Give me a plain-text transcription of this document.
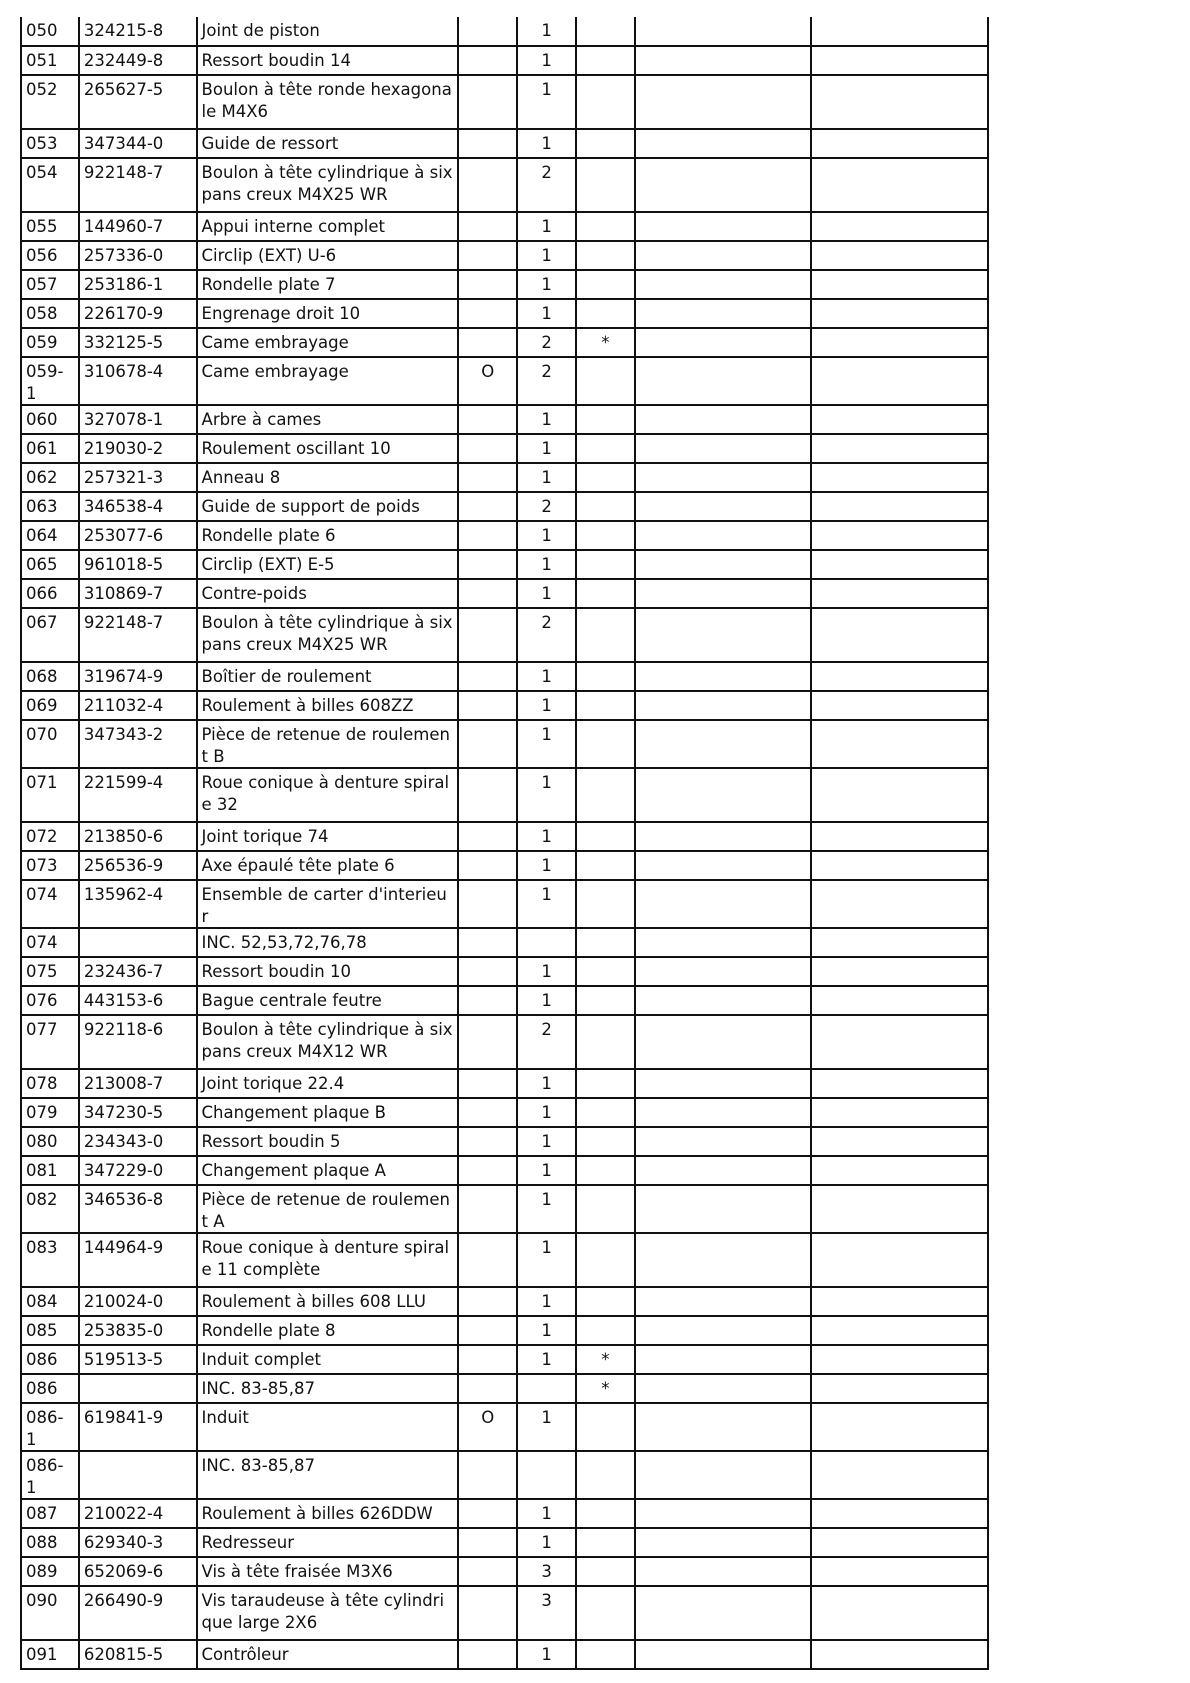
050	324215-8	Joint de piston		1			
051	232449-8	Ressort boudin 14		1			
052	265627-5	Boulon à tête ronde hexagonale M4X6		1			
053	347344-0	Guide de ressort		1			
054	922148-7	Boulon à tête cylindrique à six pans creux M4X25 WR		2			
055	144960-7	Appui interne complet		1			
056	257336-0	Circlip (EXT) U-6		1			
057	253186-1	Rondelle plate 7		1			
058	226170-9	Engrenage droit 10		1			
059	332125-5	Came embrayage		2	*		
059-1	310678-4	Came embrayage	O	2			
060	327078-1	Arbre à cames		1			
061	219030-2	Roulement oscillant 10		1			
062	257321-3	Anneau 8		1			
063	346538-4	Guide de support de poids		2			
064	253077-6	Rondelle plate 6		1			
065	961018-5	Circlip (EXT) E-5		1			
066	310869-7	Contre-poids		1			
067	922148-7	Boulon à tête cylindrique à six pans creux M4X25 WR		2			
068	319674-9	Boîtier de roulement		1			
069	211032-4	Roulement à billes 608ZZ		1			
070	347343-2	Pièce de retenue de roulement B		1			
071	221599-4	Roue conique à denture spirale 32		1			
072	213850-6	Joint torique 74		1			
073	256536-9	Axe épaulé tête plate 6		1			
074	135962-4	Ensemble de carter d'interieur		1			
074		INC. 52,53,72,76,78					
075	232436-7	Ressort boudin 10		1			
076	443153-6	Bague centrale feutre		1			
077	922118-6	Boulon à tête cylindrique à six pans creux M4X12 WR		2			
078	213008-7	Joint torique 22.4		1			
079	347230-5	Changement plaque B		1			
080	234343-0	Ressort boudin 5		1			
081	347229-0	Changement plaque A		1			
082	346536-8	Pièce de retenue de roulement A		1			
083	144964-9	Roue conique à denture spirale 11 complète		1			
084	210024-0	Roulement à billes 608 LLU		1			
085	253835-0	Rondelle plate 8		1			
086	519513-5	Induit complet		1	*		
086		INC. 83-85,87			*		
086-1	619841-9	Induit	O	1			
086-1		INC. 83-85,87					
087	210022-4	Roulement à billes 626DDW		1			
088	629340-3	Redresseur		1			
089	652069-6	Vis à tête fraisée M3X6		3			
090	266490-9	Vis taraudeuse à tête cylindrique large 2X6		3			
091	620815-5	Contrôleur		1			
